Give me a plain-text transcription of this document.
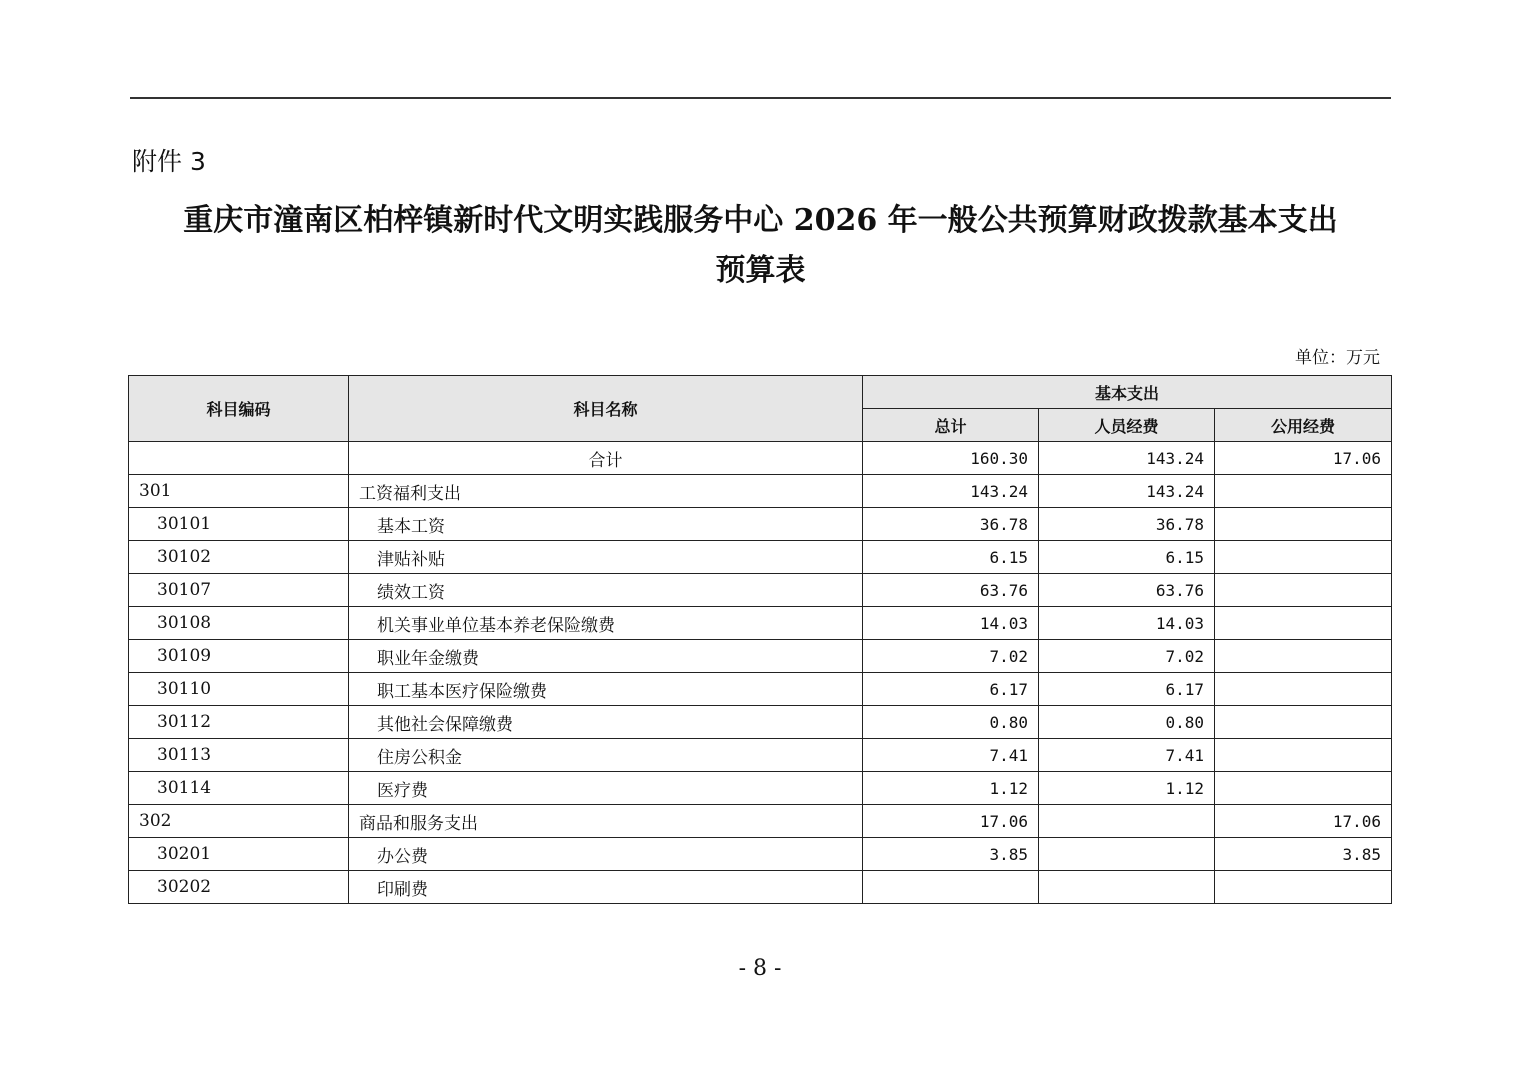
附件 3
重庆市潼南区柏梓镇新时代文明实践服务中心 2026 年一般公共预算财政拨款基本支出
预算表
单位：万元
科目编码	科目名称	基本支出		
		总计	人员经费	公用经费
	合计	160.30	143.24	17.06
301	工资福利支出	143.24	143.24	
30101	基本工资	36.78	36.78	
30102	津贴补贴	6.15	6.15	
30107	绩效工资	63.76	63.76	
30108	机关事业单位基本养老保险缴费	14.03	14.03	
30109	职业年金缴费	7.02	7.02	
30110	职工基本医疗保险缴费	6.17	6.17	
30112	其他社会保障缴费	0.80	0.80	
30113	住房公积金	7.41	7.41	
30114	医疗费	1.12	1.12	
302	商品和服务支出	17.06		17.06
30201	办公费	3.85		3.85
30202	印刷费			
- 8 -
